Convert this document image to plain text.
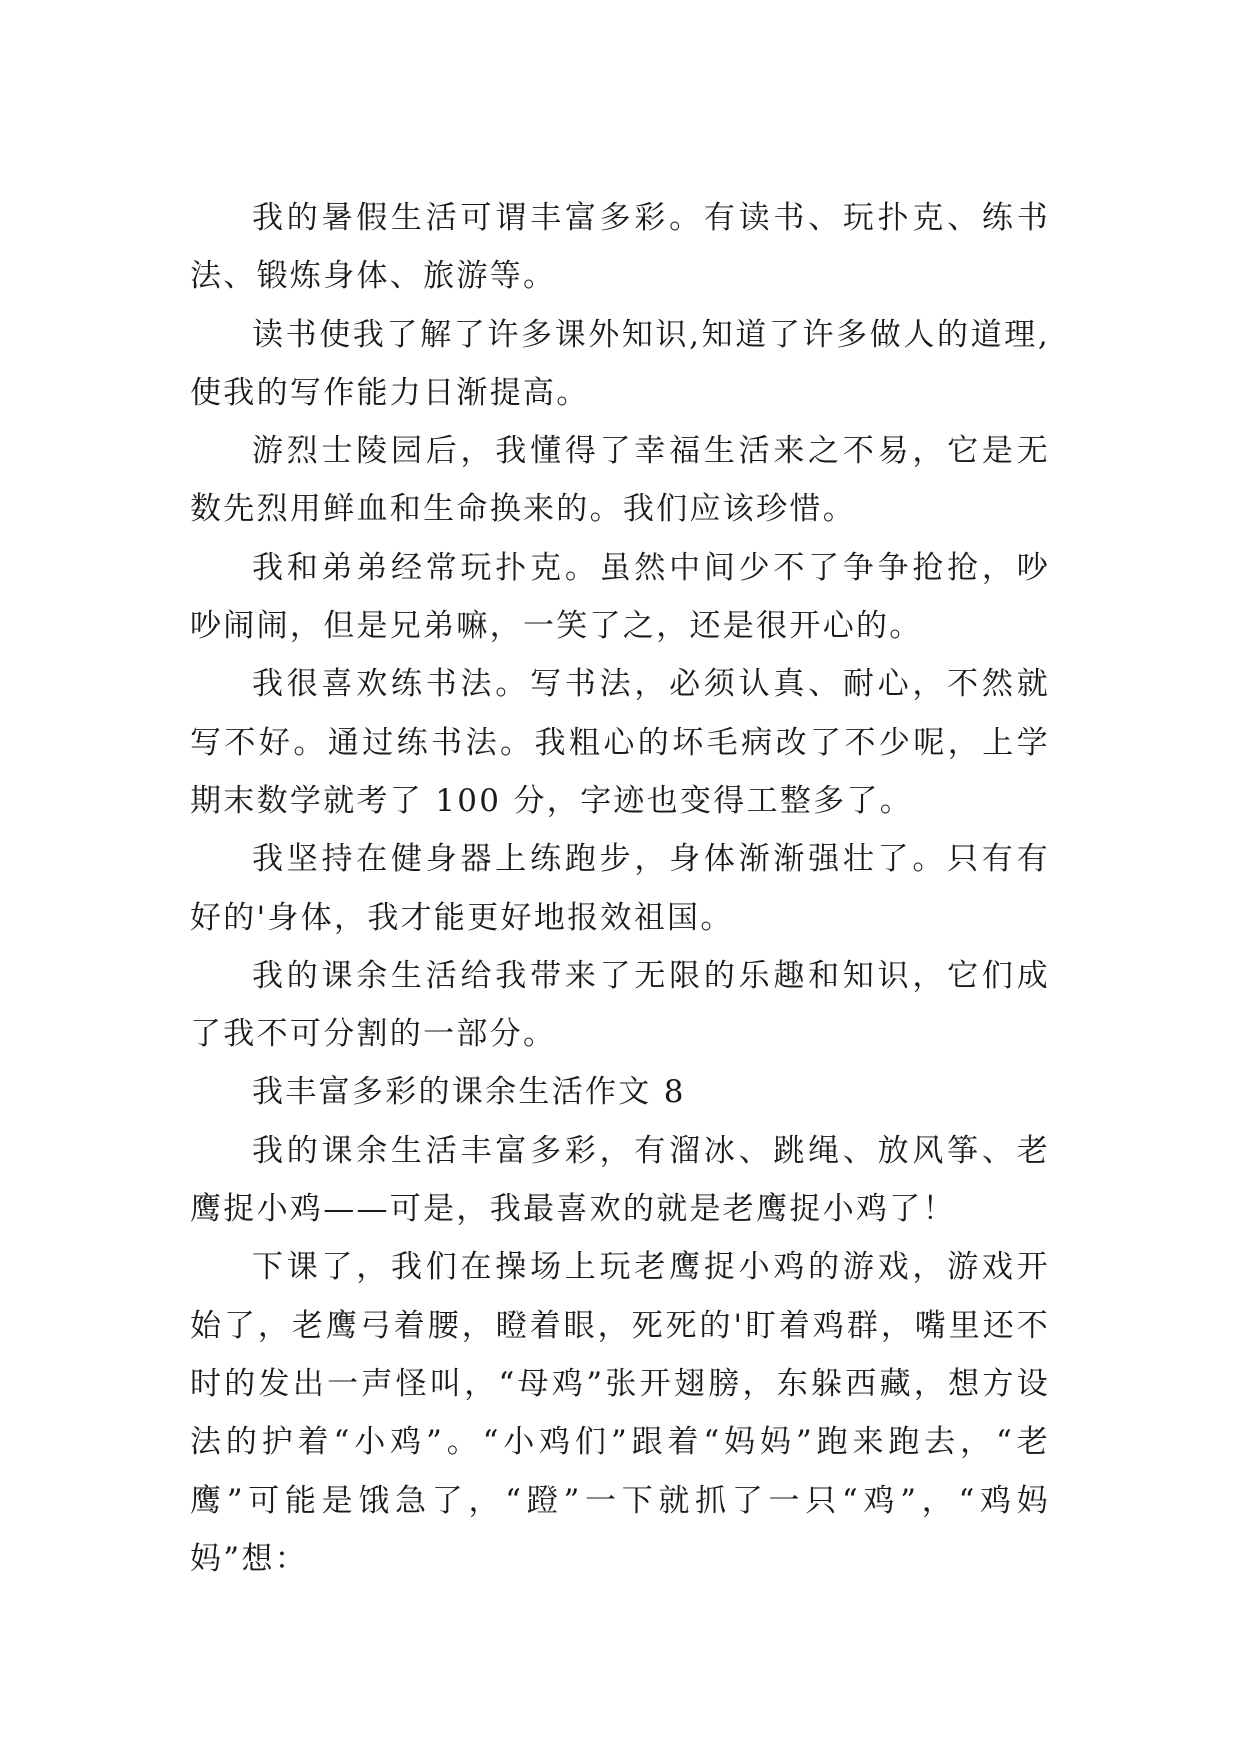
我的暑假生活可谓丰富多彩。有读书、玩扑克、练书法、锻炼身体、旅游等。

读书使我了解了许多课外知识,知道了许多做人的道理,使我的写作能力日渐提高。

游烈士陵园后，我懂得了幸福生活来之不易，它是无数先烈用鲜血和生命换来的。我们应该珍惜。

我和弟弟经常玩扑克。虽然中间少不了争争抢抢，吵吵闹闹，但是兄弟嘛，一笑了之，还是很开心的。

我很喜欢练书法。写书法，必须认真、耐心，不然就写不好。通过练书法。我粗心的坏毛病改了不少呢，上学期末数学就考了 100 分，字迹也变得工整多了。

我坚持在健身器上练跑步，身体渐渐强壮了。只有有好的'身体，我才能更好地报效祖国。

我的课余生活给我带来了无限的乐趣和知识，它们成了我不可分割的一部分。

我丰富多彩的课余生活作文 8

我的课余生活丰富多彩，有溜冰、跳绳、放风筝、老鹰捉小鸡——可是，我最喜欢的就是老鹰捉小鸡了！

下课了，我们在操场上玩老鹰捉小鸡的游戏，游戏开始了，老鹰弓着腰，瞪着眼，死死的'盯着鸡群，嘴里还不时的发出一声怪叫，“母鸡”张开翅膀，东躲西藏，想方设法的护着“小鸡”。“小鸡们”跟着“妈妈”跑来跑去，“老鹰”可能是饿急了，“蹬”一下就抓了一只“鸡”，“鸡妈妈”想：
